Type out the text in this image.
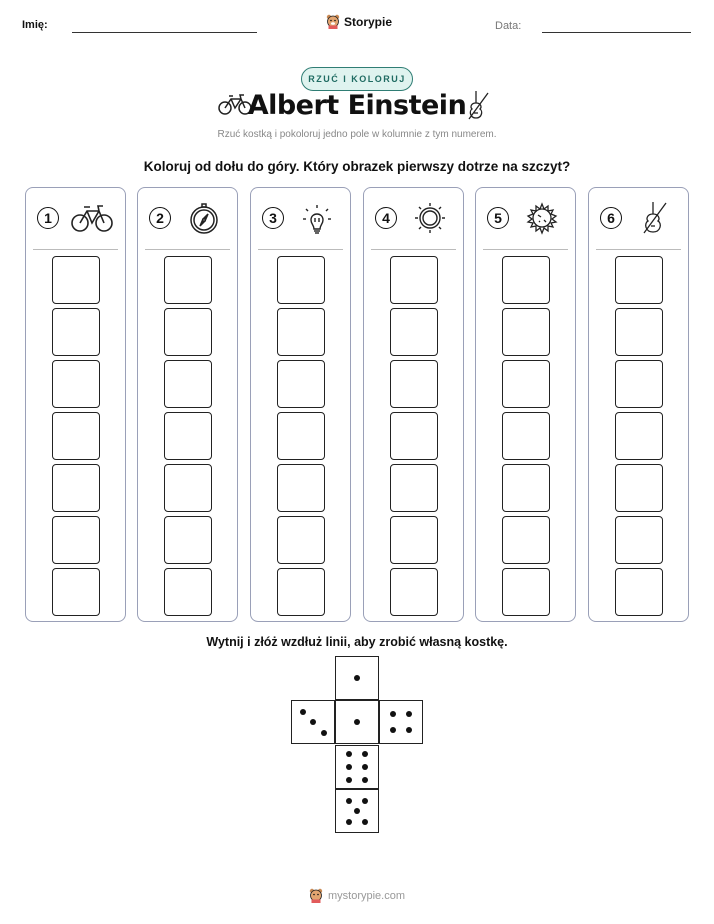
Imię:	Storypie	Data:
RZUĆ I KOLORUJ
Albert Einstein
Rzuć kostką i pokoloruj jedno pole w kolumnie z tym numerem.
Koloruj od dołu do góry. Który obrazek pierwszy dotrze na szczyt?
1	2	3	4	5	6
Wytnij i złóż wzdłuż linii, aby zrobić własną kostkę.
mystorypie.com
